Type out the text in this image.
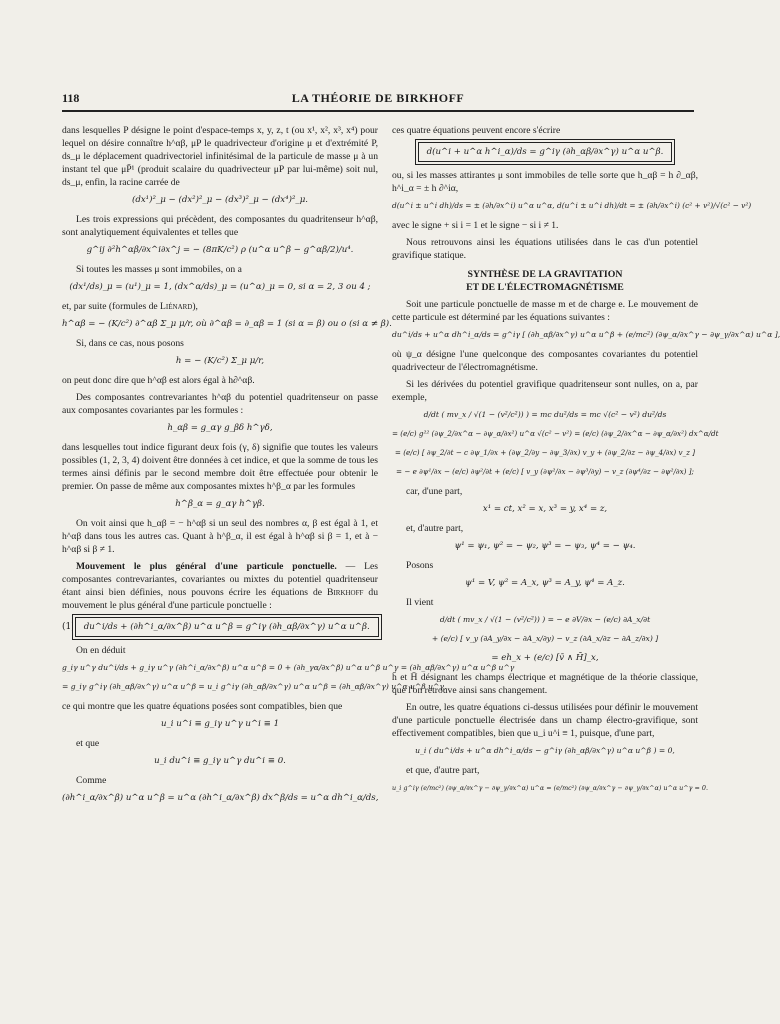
118	LA THÉORIE DE BIRKHOFF

dans lesquelles P désigne le point d'espace-temps x, y, z, t (ou x¹, x², x³, x⁴) pour lequel on désire connaître h^αβ, μP le quadrivecteur d'origine μ et d'extrémité P, ds_μ le déplacement quadrivectoriel infinitésimal de la particule de masse μ à un instant tel que μP̄¹ (produit scalaire du quadrivecteur μP par lui-même) soit nul, ds_μ, enfin, la racine carrée de

(dx¹)²_μ − (dx²)²_μ − (dx³)²_μ − (dx⁴)²_μ.

Les trois expressions qui précèdent, des composantes du quadritenseur h^αβ, sont analytiquement équivalentes et telles que

g^ij ∂²h^αβ/∂x^i∂x^j = − (8πK/c²) ρ (u^α u^β − g^αβ/2)/u⁴.

Si toutes les masses μ sont immobiles, on a

(dx¹/ds)_μ = (u¹)_μ = 1, (dx^α/ds)_μ = (u^α)_μ = 0, si α = 2, 3 ou 4 ;

et, par suite (formules de Liénard),

h^αβ = − (K/c²) ∂^αβ Σ_μ μ/r, où ∂^αβ = ∂_αβ = 1 (si α = β) ou o (si α ≠ β).

Si, dans ce cas, nous posons

h = − (K/c²) Σ_μ μ/r,

on peut donc dire que h^αβ est alors égal à h∂^αβ.

Des composantes contrevariantes h^αβ du potentiel quadritenseur on passe aux composantes covariantes par les formules :

h_αβ = g_αγ g_βδ h^γδ,

dans lesquelles tout indice figurant deux fois (γ, δ) signifie que toutes les valeurs possibles (1, 2, 3, 4) doivent être données à cet indice, et que la somme de tous les termes ainsi définis par le second membre doit être effectuée pour obtenir le premier. On passe de même aux composantes mixtes h^β_α par les formules

h^β_α = g_αγ h^γβ.

On voit ainsi que h_αβ = − h^αβ si un seul des nombres α, β est égal à 1, et h^αβ dans tous les autres cas. Quant à h^β_α, il est égal à h^αβ si β = 1, et à − h^αβ si β ≠ 1.

Mouvement le plus général d'une particule ponctuelle. — Les composantes contrevariantes, covariantes ou mixtes du potentiel quadritenseur étant ainsi bien définies, nous pouvons écrire les équations de Birkhoff du mouvement le plus général d'une particule ponctuelle :

(1)	du^i/ds + (∂h^i_α/∂x^β) u^α u^β = g^iγ (∂h_αβ/∂x^γ) u^α u^β.

On en déduit

g_iγ u^γ du^i/ds + g_iγ u^γ (∂h^i_α/∂x^β) u^α u^β = 0 + (∂h_γα/∂x^β) u^α u^β u^γ = (∂h_αβ/∂x^γ) u^α u^β u^γ
= g_iγ g^iγ (∂h_αβ/∂x^γ) u^α u^β = u_i g^iγ (∂h_αβ/∂x^γ) u^α u^β = (∂h_αβ/∂x^γ) u^α u^β u^γ,

ce qui montre que les quatre équations posées sont compatibles, bien que

u_i u^i ≡ g_iγ u^γ u^i ≡ 1

et que

u_i du^i ≡ g_iγ u^γ du^i ≡ 0.

Comme

(∂h^i_α/∂x^β) u^α u^β = u^α (∂h^i_α/∂x^β) dx^β/ds = u^α dh^i_α/ds,

ces quatre équations peuvent encore s'écrire

d(u^i + u^α h^i_α)/ds = g^iγ (∂h_αβ/∂x^γ) u^α u^β.

ou, si les masses attirantes μ sont immobiles de telle sorte que h_αβ = h ∂_αβ, h^i_α = ± h ∂^iα,

d(u^i ± u^i dh)/ds = ± (∂h/∂x^i) u^α u^α, d(u^i ± u^i dh)/dt = ± (∂h/∂x^i) (c² + v²)/√(c² − v²)

avec le signe + si i = 1 et le signe − si i ≠ 1.

Nous retrouvons ainsi les équations utilisées dans le cas d'un potentiel gravifique statique.

SYNTHÈSE DE LA GRAVITATION
ET DE L'ÉLECTROMAGNÉTISME

Soit une particule ponctuelle de masse m et de charge e. Le mouvement de cette particule est déterminé par les équations suivantes :

du^i/ds + u^α dh^i_α/ds = g^iγ [ (∂h_αβ/∂x^γ) u^α u^β + (e/mc²) (∂ψ_α/∂x^γ − ∂ψ_γ/∂x^α) u^α ],

où ψ_α désigne l'une quelconque des composantes covariantes du potentiel quadrivecteur de l'électromagnétisme.

Si les dérivées du potentiel gravifique quadritenseur sont nulles, on a, par exemple,

d/dt ( mv_x / √(1 − (v²/c²)) ) = mc du²/ds = mc √(c² − v²) du²/ds
= (e/c) g²² (∂ψ_2/∂x^α − ∂ψ_α/∂x²) u^α √(c² − v²) = (e/c) (∂ψ_2/∂x^α − ∂ψ_α/∂x²) dx^α/dt
= (e/c) [ ∂ψ_2/∂t − c ∂ψ_1/∂x + (∂ψ_2/∂y − ∂ψ_3/∂x) v_y + (∂ψ_2/∂z − ∂ψ_4/∂x) v_z ]
= − e ∂ψ¹/∂x − (e/c) ∂ψ²/∂t + (e/c) [ v_y (∂ψ²/∂x − ∂ψ³/∂y) − v_z (∂ψ⁴/∂z − ∂ψ²/∂x) ];

car, d'une part,

x¹ = ct, x² = x, x³ = y, x⁴ = z,

et, d'autre part,

ψ¹ = ψ₁, ψ² = − ψ₂, ψ³ = − ψ₃, ψ⁴ = − ψ₄.

Posons

ψ¹ = V, ψ² = A_x, ψ³ = A_y, ψ⁴ = A_z.

Il vient

d/dt ( mv_x / √(1 − (v²/c²)) ) = − e ∂V/∂x − (e/c) ∂A_x/∂t
+ (e/c) [ v_y (∂A_y/∂x − ∂A_x/∂y) − v_z (∂A_x/∂z − ∂A_z/∂x) ]
= eh_x + (e/c) [v̄ ∧ H̄]_x,

h̄ et H̄ désignant les champs électrique et magnétique de la théorie classique, que l'on retrouve ainsi sans changement.

En outre, les quatre équations ci-dessus utilisées pour définir le mouvement d'une particule ponctuelle électrisée dans un champ électro-gravifique, sont effectivement compatibles, bien que u_i u^i ≡ 1, puisque, d'une part,

u_i ( du^i/ds + u^α dh^i_α/ds − g^iγ (∂h_αβ/∂x^γ) u^α u^β ) = 0,

et que, d'autre part,

u_i g^iγ (e/mc²) (∂ψ_α/∂x^γ − ∂ψ_γ/∂x^α) u^α = (e/mc²) (∂ψ_α/∂x^γ − ∂ψ_γ/∂x^α) u^α u^γ = 0.
